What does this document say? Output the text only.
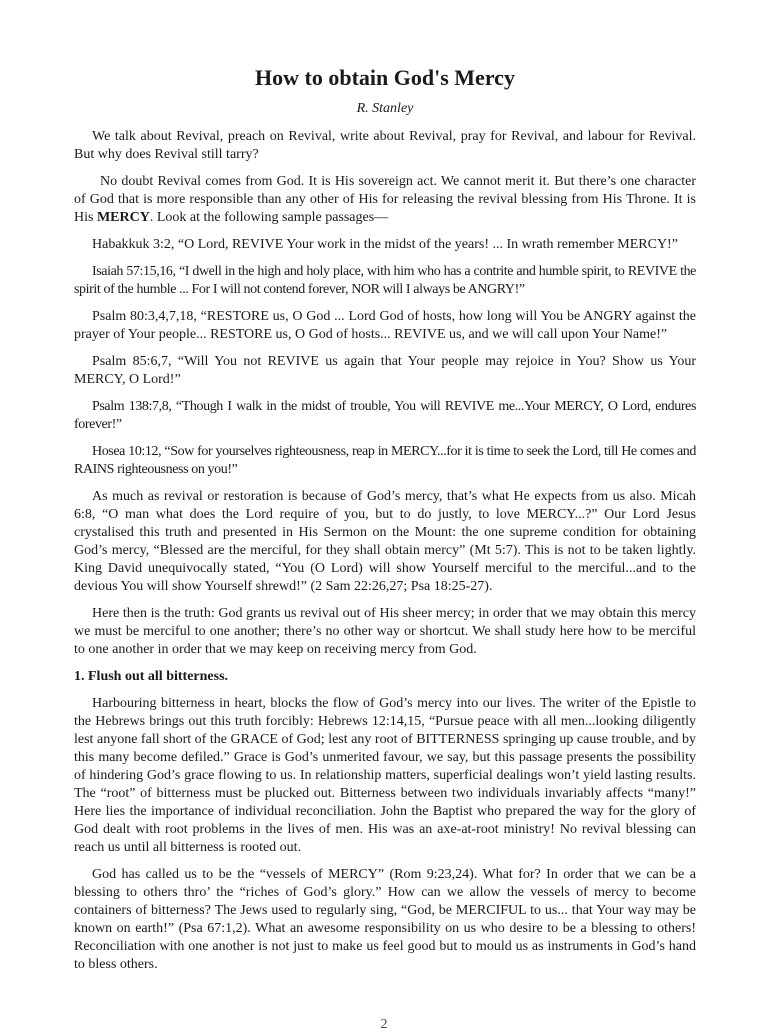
How to obtain God's Mercy

R. Stanley

We talk about Revival, preach on Revival, write about Revival, pray for Revival, and labour for Revival. But why does Revival still tarry?

No doubt Revival comes from God. It is His sovereign act. We cannot merit it. But there’s one character of God that is more responsible than any other of His for releasing the revival blessing from His Throne. It is His MERCY. Look at the following sample passages—

Habakkuk 3:2, “O Lord, REVIVE Your work in the midst of the years! ... In wrath remember MERCY!”

Isaiah 57:15,16, “I dwell in the high and holy place, with him who has a contrite and humble spirit, to REVIVE the spirit of the humble ... For I will not contend forever, NOR will I always be ANGRY!”

Psalm 80:3,4,7,18, “RESTORE us, O God ... Lord God of hosts, how long will You be ANGRY against the prayer of Your people... RESTORE us, O God of hosts... REVIVE us, and we will call upon Your Name!”

Psalm 85:6,7, “Will You not REVIVE us again that Your people may rejoice in You? Show us Your MERCY, O Lord!”

Psalm 138:7,8, “Though I walk in the midst of trouble, You will REVIVE me...Your MERCY, O Lord, endures forever!”

Hosea 10:12, “Sow for yourselves righteousness, reap in MERCY...for it is time to seek the Lord, till He comes and RAINS righteousness on you!”

As much as revival or restoration is because of God’s mercy, that’s what He expects from us also. Micah 6:8, “O man what does the Lord require of you, but to do justly, to love MERCY...?” Our Lord Jesus crystalised this truth and presented in His Sermon on the Mount: the one supreme condition for obtaining God’s mercy, “Blessed are the merciful, for they shall obtain mercy” (Mt 5:7). This is not to be taken lightly. King David unequivocally stated, “You (O Lord) will show Yourself merciful to the merciful...and to the devious You will show Yourself shrewd!” (2 Sam 22:26,27; Psa 18:25-27).

Here then is the truth: God grants us revival out of His sheer mercy; in order that we may obtain this mercy we must be merciful to one another; there’s no other way or shortcut. We shall study here how to be merciful to one another in order that we may keep on receiving mercy from God.

1. Flush out all bitterness.

Harbouring bitterness in heart, blocks the flow of God’s mercy into our lives. The writer of the Epistle to the Hebrews brings out this truth forcibly: Hebrews 12:14,15, “Pursue peace with all men...looking diligently lest anyone fall short of the GRACE of God; lest any root of BITTERNESS springing up cause trouble, and by this many become defiled.” Grace is God’s unmerited favour, we say, but this passage presents the possibility of hindering God’s grace flowing to us. In relationship matters, superficial dealings won’t yield lasting results. The “root” of bitterness must be plucked out. Bitterness between two individuals invariably affects “many!” Here lies the importance of individual reconciliation. John the Baptist who prepared the way for the glory of God dealt with root problems in the lives of men. His was an axe-at-root ministry! No revival blessing can reach us until all bitterness is rooted out.

God has called us to be the “vessels of MERCY” (Rom 9:23,24). What for? In order that we can be a blessing to others thro’ the “riches of God’s glory.” How can we allow the vessels of mercy to become containers of bitterness? The Jews used to regularly sing, “God, be MERCIFUL to us... that Your way may be known on earth!” (Psa 67:1,2). What an awesome responsibility on us who desire to be a blessing to others! Reconciliation with one another is not just to make us feel good but to mould us as instruments in God’s hand to bless others.

2
